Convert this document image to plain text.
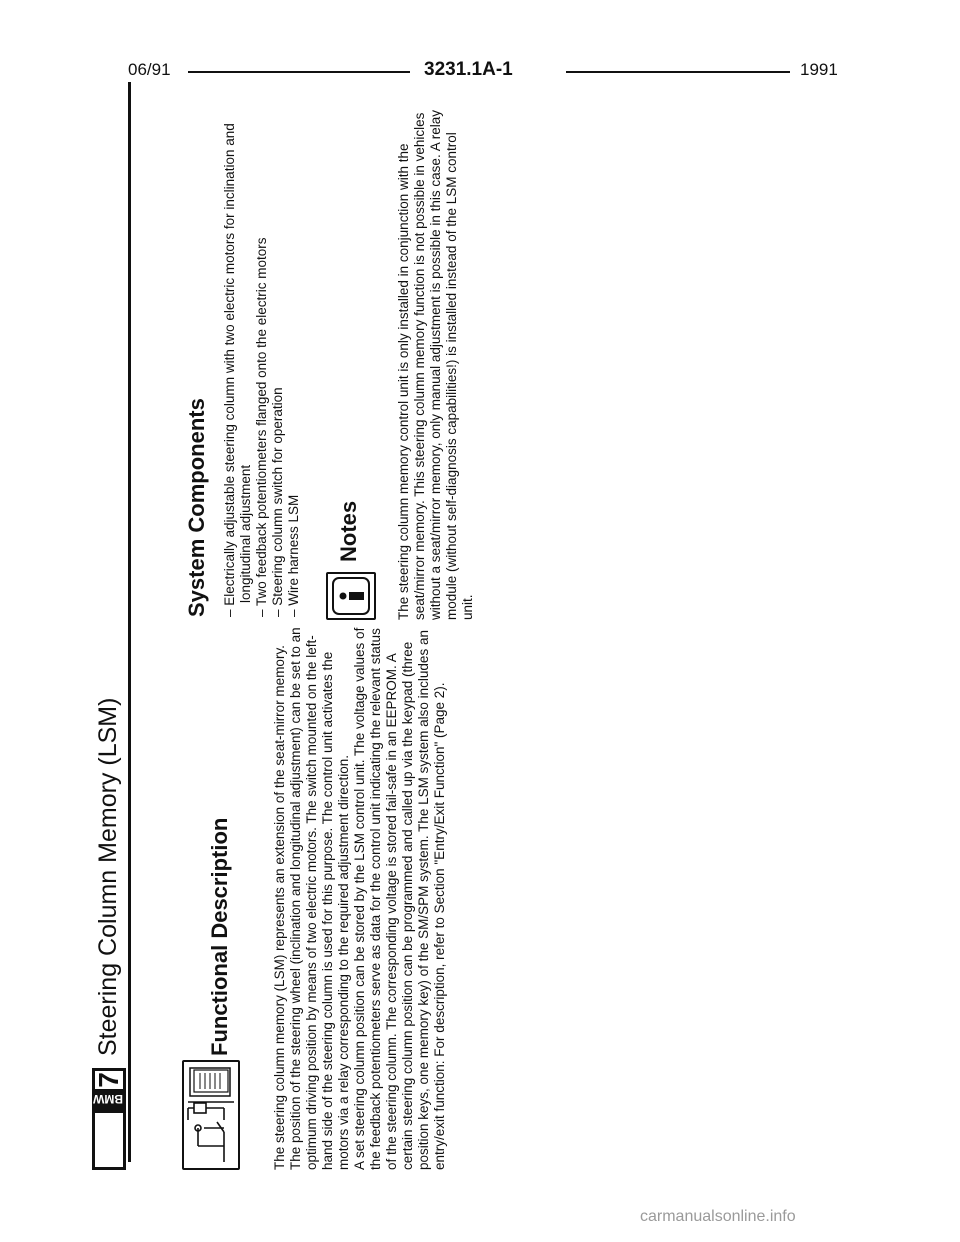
06/91	3231.1A-1	1991
BMW
7
Steering Column Memory (LSM)	Functional Description	The steering column memory (LSM) represents an extension of the seat-mirror memory. The position of the steering wheel (inclination and longitudinal adjustment) can be set to an optimum driving position by means of two electric motors. The switch mounted on the left-hand side of the steering column is used for this purpose. The control unit activates the motors via a relay corresponding to the required adjustment direction. A set steering column position can be stored by the LSM control unit. The voltage values of the feedback potentiometers serve as data for the control unit indicating the relevant status of the steering column. The corresponding voltage is stored fail-safe in an EEPROM. A certain steering column position can be programmed and called up via the keypad (three position keys, one memory key) of the SM/SPM system. The LSM system also includes an entry/exit function: For description, refer to Section "Entry/Exit Function" (Page 2).

System Components – Electrically adjustable steering column with two electric motors for inclination and longitudinal adjustment – Two feedback potentiometers flanged onto the electric motors – Steering column switch for operation – Wire harness LSM Notes	The steering column memory control unit is only installed in conjunction with the seat/mirror memory. This steering column memory function is not possible in vehicles without a seat/mirror memory, only manual adjustment is possible in this case. A relay module (without self-diagnosis capabilities!) is installed instead of the LSM control unit.
carmanualsonline.info
